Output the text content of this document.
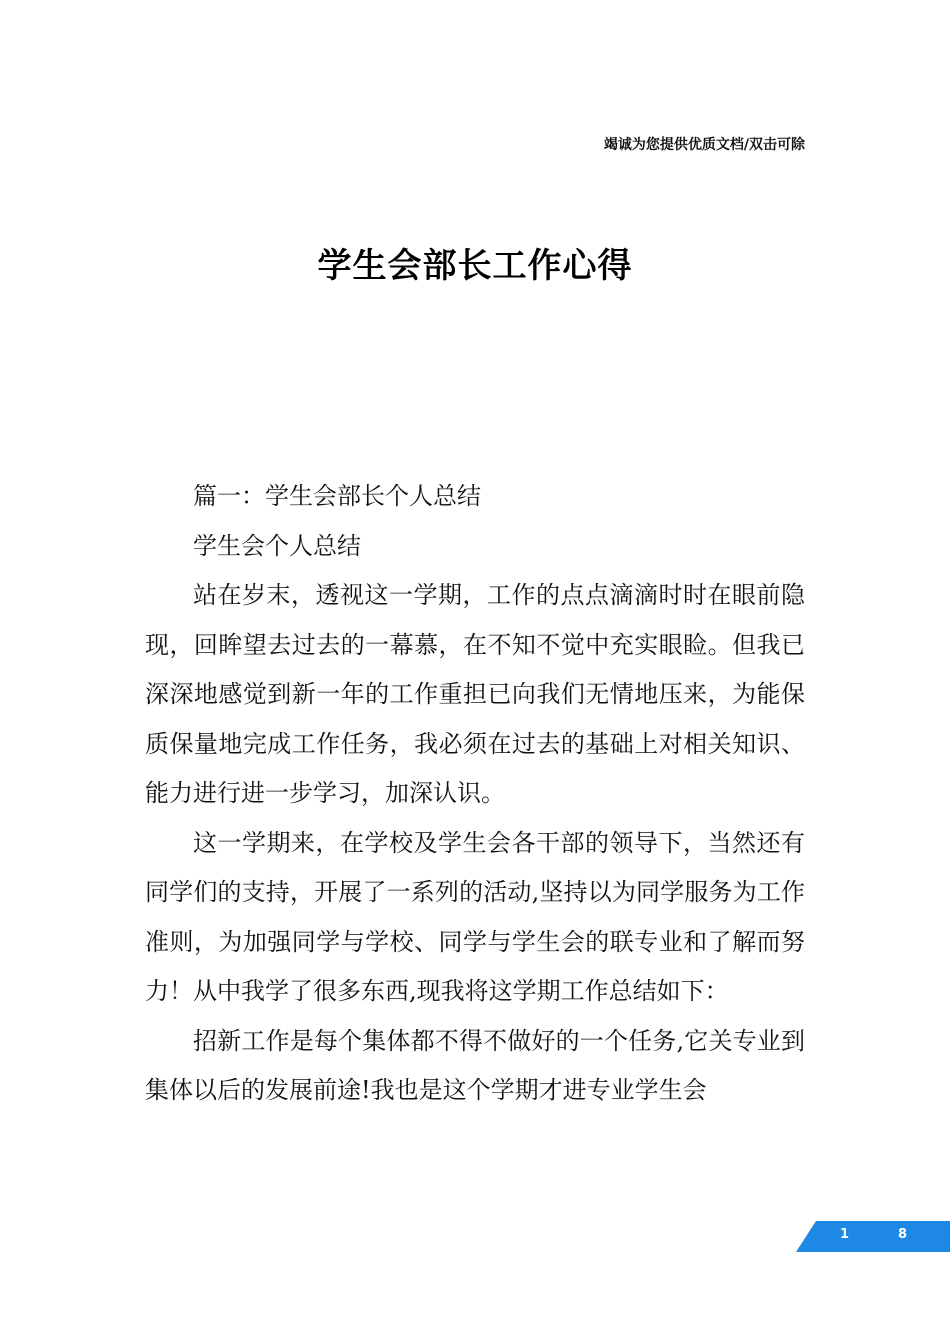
竭诚为您提供优质文档/双击可除
学生会部长工作心得

篇一：学生会部长个人总结

学生会个人总结

站在岁末，透视这一学期，工作的点点滴滴时时在眼前隐现，回眸望去过去的一幕慕，在不知不觉中充实眼睑。但我已深深地感觉到新一年的工作重担已向我们无情地压来，为能保质保量地完成工作任务，我必须在过去的基础上对相关知识、能力进行进一步学习，加深认识。

这一学期来，在学校及学生会各干部的领导下，当然还有同学们的支持，开展了一系列的活动,坚持以为同学服务为工作准则，为加强同学与学校、同学与学生会的联专业和了解而努力！从中我学了很多东西,现我将这学期工作总结如下：

招新工作是每个集体都不得不做好的一个任务,它关专业到集体以后的发展前途!我也是这个学期才进专业学生会

1	8
